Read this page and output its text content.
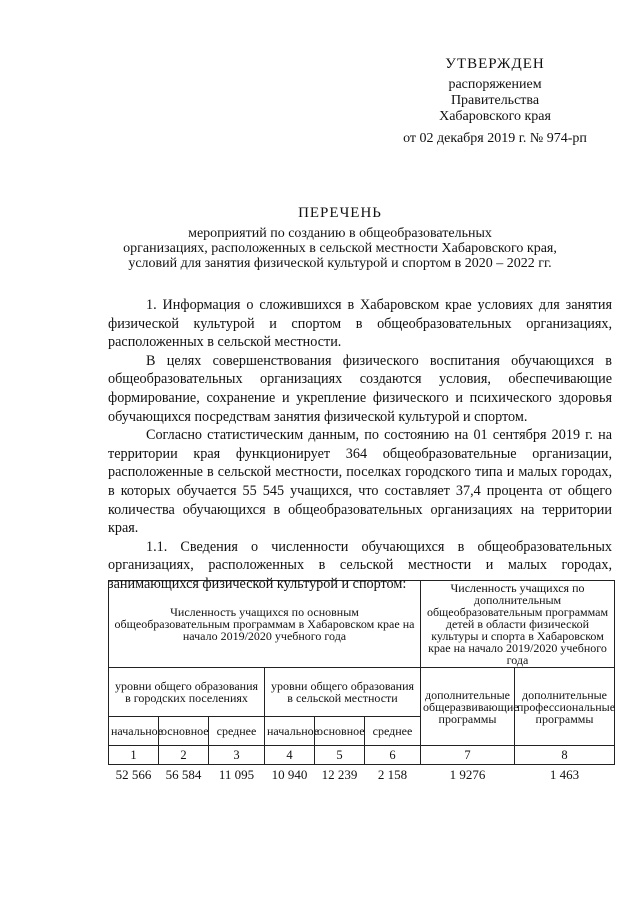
УТВЕРЖДЕН
распоряжением
Правительства
Хабаровского края
от 02 декабря 2019 г. № 974-рп
ПЕРЕЧЕНЬ
мероприятий по созданию в общеобразовательных
организациях, расположенных в сельской местности Хабаровского края,
условий для занятия физической культурой и спортом в 2020 – 2022 гг.

1. Информация о сложившихся в Хабаровском крае условиях для занятия физической культурой и спортом в общеобразовательных организациях, расположенных в сельской местности.

В целях совершенствования физического воспитания обучающихся в общеобразовательных организациях создаются условия, обеспечивающие формирование, сохранение и укрепление физического и психического здоровья обучающихся посредствам занятия физической культурой и спортом.

Согласно статистическим данным, по состоянию на 01 сентября 2019 г. на территории края функционирует 364 общеобразовательные организации, расположенные в сельской местности, поселках городского типа и малых городах, в которых обучается 55 545 учащихся, что составляет 37,4 процента от общего количества обучающихся в общеобразовательных организациях на территории края.

1.1. Сведения о численности обучающихся в общеобразовательных организациях, расположенных в сельской местности и малых городах, занимающихся физической культурой и спортом:

Численность учащихся по основным общеобразовательным программам в Хабаровском крае на начало 2019/2020 учебного года						Численность учащихся по дополнительным общеобразовательным программам детей в области физической культуры и спорта в Хабаровском крае на начало 2019/2020 учебного года	
уровни общего образования в городских поселениях			уровни общего образования в сельской местности			дополнительные общеразвивающие программы	дополнительные профессиональные программы
начальное	основное	среднее	начальное	основное	среднее		
1	2	3	4	5	6	7	8
52 566	56 584	11 095	10 940	12 239	2 158	1 9276	1 463
